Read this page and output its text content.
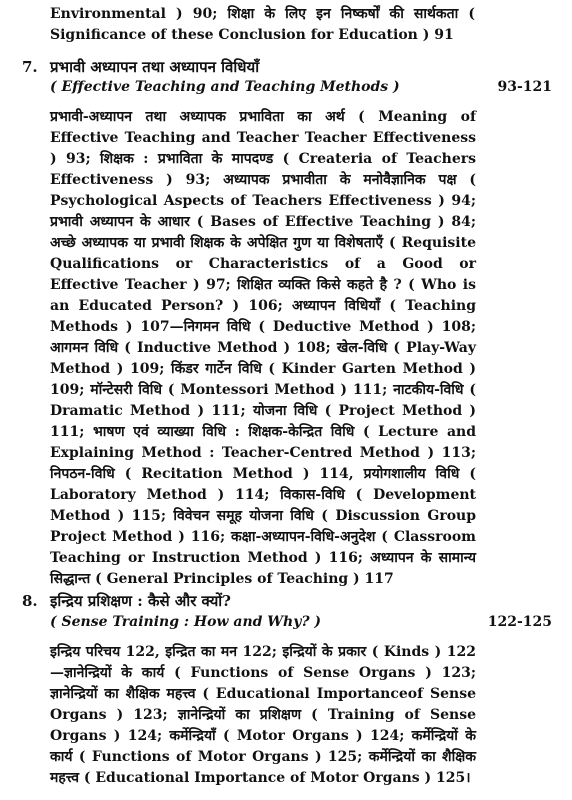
Environmental ) 90; शिक्षा के लिए इन निष्कर्षों की सार्थकता ( Significance of these Conclusion for Education ) 91

7. प्रभावी अध्यापन तथा अध्यापन विधियाँ
( Effective Teaching and Teaching Methods )	93-121

प्रभावी-अध्यापन तथा अध्यापक प्रभाविता का अर्थ ( Meaning of Effective Teaching and Teacher Teacher Effectiveness ) 93; शिक्षक : प्रभाविता के मापदण्ड ( Createria of Teachers Effectiveness ) 93; अध्यापक प्रभावीता के मनोवैज्ञानिक पक्ष ( Psychological Aspects of Teachers Effectiveness ) 94; प्रभावी अध्यापन के आधार ( Bases of Effective Teaching ) 84; अच्छे अध्यापक या प्रभावी शिक्षक के अपेक्षित गुण या विशेषताएँ ( Requisite Qualifications or Characteristics of a Good or Effective Teacher ) 97; शिक्षित व्यक्ति किसे कहते है ? ( Who is an Educated Person? ) 106; अध्यापन विधियाँ ( Teaching Methods ) 107—निगमन विधि ( Deductive Method ) 108; आगमन विधि ( Inductive Method ) 108; खेल-विधि ( Play-Way Method ) 109; किंडर गार्टेन विधि ( Kinder Garten Method ) 109; मॉन्टेसरी विधि ( Montessori Method ) 111; नाटकीय-विधि ( Dramatic Method ) 111; योजना विधि ( Project Method ) 111; भाषण एवं व्याख्या विधि : शिक्षक-केन्द्रित विधि ( Lecture and Explaining Method : Teacher-Centred Method ) 113; निपठन-विधि ( Recitation Method ) 114, प्रयोगशालीय विधि ( Laboratory Method ) 114; विकास-विधि ( Development Method ) 115; विवेचन समूह योजना विधि ( Discussion Group Project Method ) 116; कक्षा-अध्यापन-विधि-अनुदेश ( Classroom Teaching or Instruction Method ) 116; अध्यापन के सामान्य सिद्धान्त ( General Principles of Teaching ) 117

8. इन्द्रिय प्रशिक्षण : कैसे और क्यों?
( Sense Training : How and Why? )	122-125

इन्द्रिय परिचय 122, इन्द्रित का मन 122; इन्द्रियों के प्रकार ( Kinds ) 122—ज्ञानेन्द्रियों के कार्य ( Functions of Sense Organs ) 123; ज्ञानेन्द्रियों का शैक्षिक महत्त्व ( Educational Importanceof Sense Organs ) 123; ज्ञानेन्द्रियों का प्रशिक्षण ( Training of Sense Organs ) 124; कर्मेन्द्रियाँ ( Motor Organs ) 124; कर्मेन्द्रियों के कार्य ( Functions of Motor Organs ) 125; कर्मेन्द्रियों का शैक्षिक महत्त्व ( Educational Importance of Motor Organs ) 125।
